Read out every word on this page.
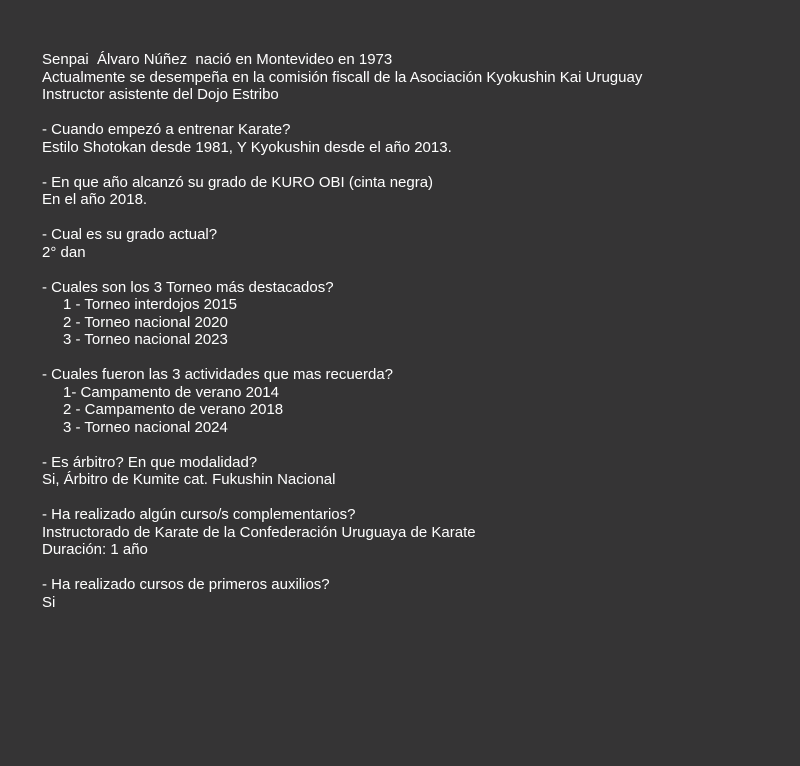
Senpai  Álvaro Núñez  nació en Montevideo en 1973
Actualmente se desempeña en la comisión fiscall de la Asociación Kyokushin Kai Uruguay
Instructor asistente del Dojo Estribo
- Cuando empezó a entrenar Karate?
Estilo Shotokan desde 1981, Y Kyokushin desde el año 2013.
- En que año alcanzó su grado de KURO OBI (cinta negra)
En el año 2018.
- Cual es su grado actual?
2° dan
- Cuales son los 3 Torneo más destacados?
1 - Torneo interdojos 2015
2 - Torneo nacional 2020
3 - Torneo nacional 2023
- Cuales fueron las 3 actividades que mas recuerda?
1- Campamento de verano 2014
2 - Campamento de verano 2018
3 - Torneo nacional 2024
- Es árbitro? En que modalidad?
Si, Árbitro de Kumite cat. Fukushin Nacional
- Ha realizado algún curso/s complementarios?
Instructorado de Karate de la Confederación Uruguaya de Karate
Duración: 1 año
- Ha realizado cursos de primeros auxilios?
Si
